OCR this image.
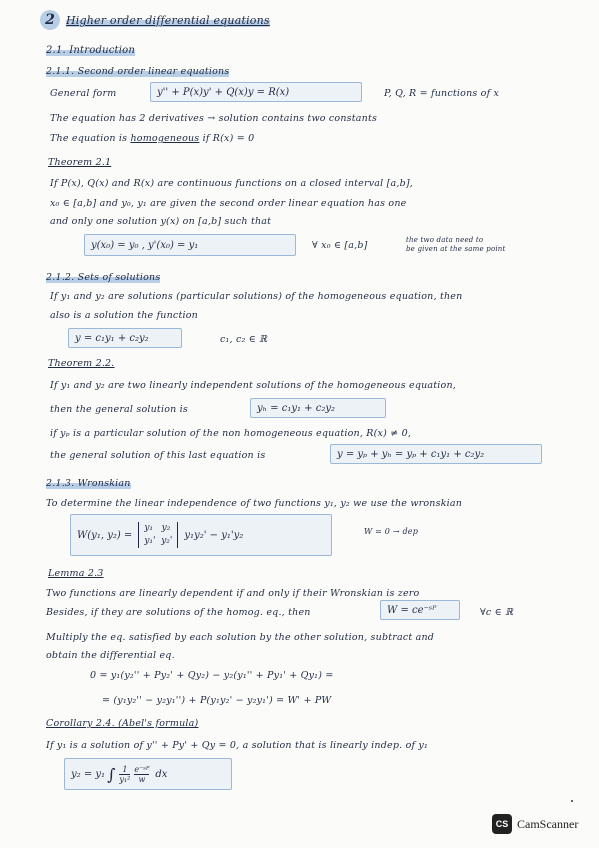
2 Higher order differential equations
2.1. Introduction
2.1.1. Second order linear equations
General form	y'' + P(x)y' + Q(x)y = R(x)	P, Q, R = functions of x
The equation has 2 derivatives → solution contains two constants
The equation is homogeneous if R(x) = 0
Theorem 2.1
If P(x), Q(x) and R(x) are continuous functions on a closed interval [a,b],
x₀ ∈ [a,b] and y₀, y₁ are given the second order linear equation has one
and only one solution y(x) on [a,b] such that
y(x₀) = y₀ , y'(x₀) = y₁	∀ x₀ ∈ [a,b]	the two data need to
be given at the same point
2.1.2. Sets of solutions
If y₁ and y₂ are solutions (particular solutions) of the homogeneous equation, then
also is a solution the function
y = c₁y₁ + c₂y₂	c₁, c₂ ∈ ℝ
Theorem 2.2.
If y₁ and y₂ are two linearly independent solutions of the homogeneous equation,
then the general solution is	yₕ = c₁y₁ + c₂y₂
if yₚ is a particular solution of the non homogeneous equation, R(x) ≠ 0,
the general solution of this last equation is	y = yₚ + yₕ = yₚ + c₁y₁ + c₂y₂
2.1.3. Wronskian
To determine the linear independence of two functions y₁, y₂ we use the wronskian
W(y₁, y₂) =
y₁ y₂
y₁' y₂'
y₁y₂' − y₁'y₂	W = 0 → dep
Lemma 2.3
Two functions are linearly dependent if and only if their Wronskian is zero
Besides, if they are solutions of the homog. eq., then	W = ce⁻ˢᴾ	∀c ∈ ℝ
Multiply the eq. satisfied by each solution by the other solution, subtract and
obtain the differential eq.
0 = y₁(y₂'' + Py₂' + Qy₂) − y₂(y₁'' + Py₁' + Qy₁) =
= (y₁y₂'' − y₂y₁'') + P(y₁y₂' − y₂y₁') = W' + PW
Corollary 2.4. (Abel's formula)
If y₁ is a solution of y'' + Py' + Qy = 0, a solution that is linearly indep. of y₁
y₂ = y₁ ∫ $\frac{1}{\text{y₁²}} \frac{\text{e⁻ˢᴾ}}{w}$ dx
CS CamScanner
